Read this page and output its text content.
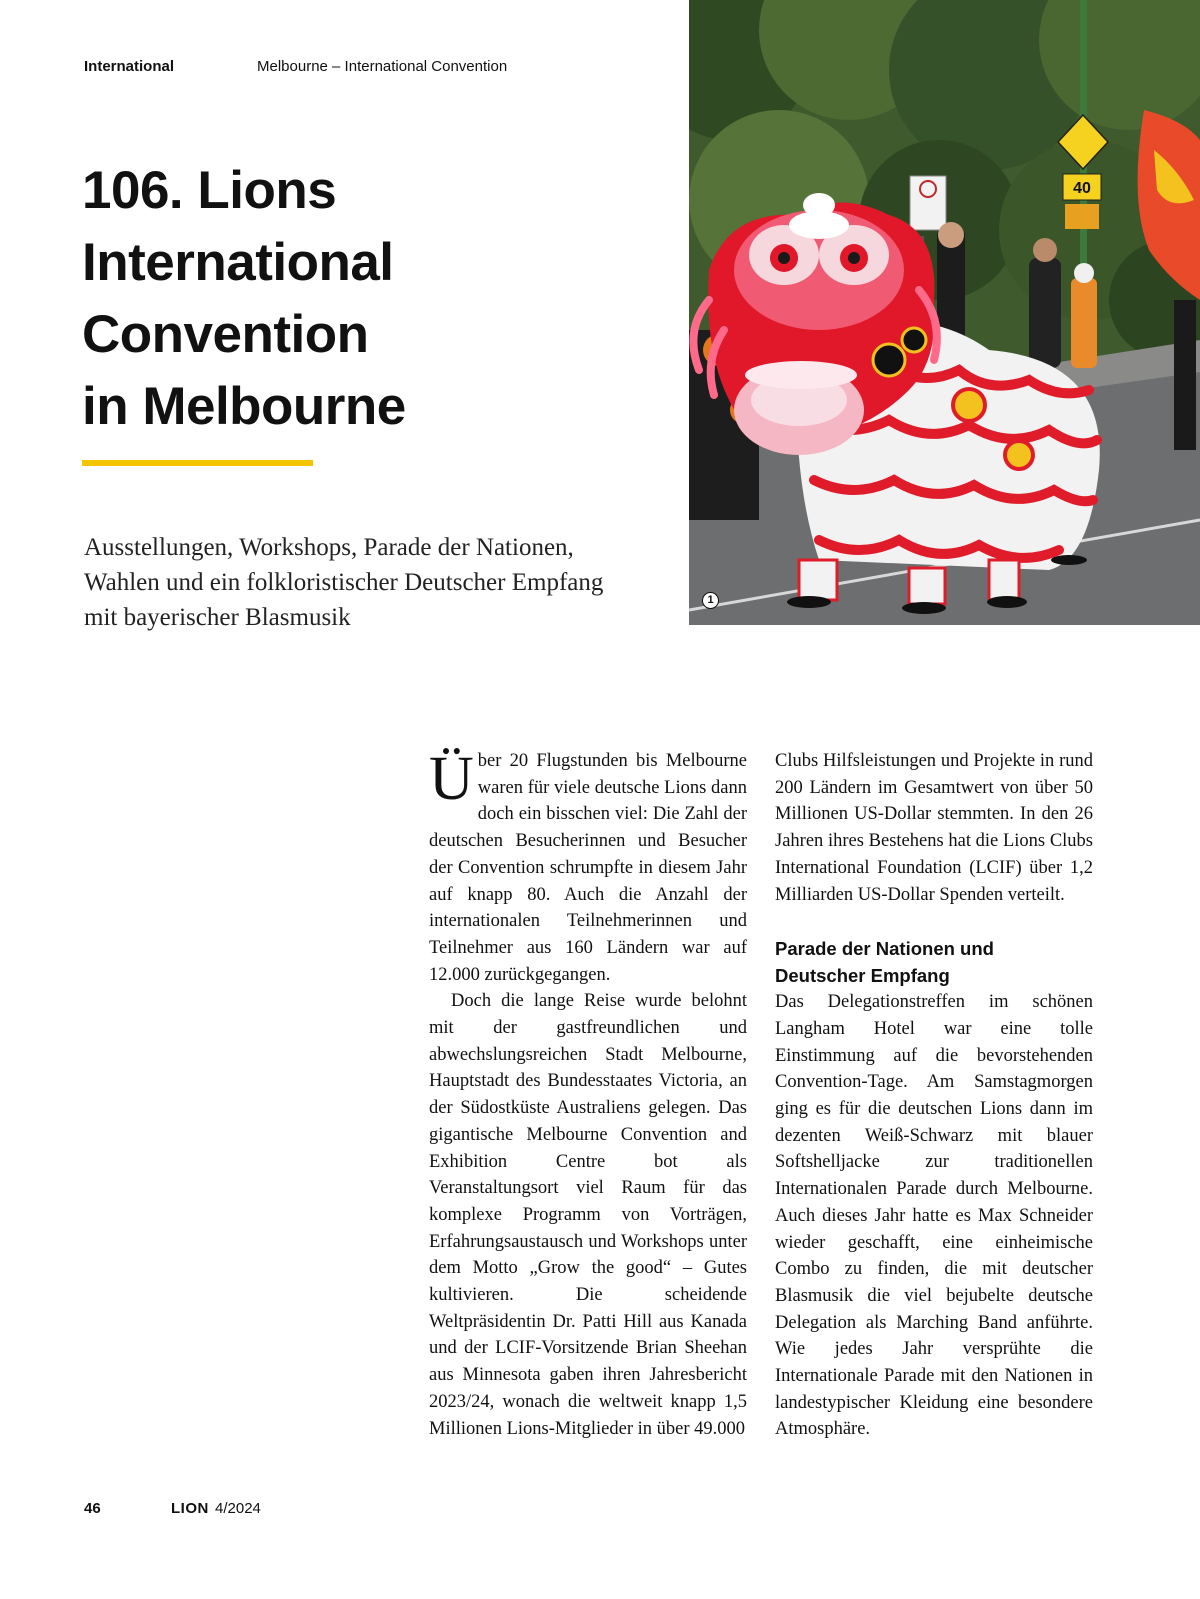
International	Melbourne – International Convention
106. Lions
International
Convention
in Melbourne

Ausstellungen, Workshops, Parade der Nationen,
Wahlen und ein folkloristischer Deutscher Empfang
mit bayerischer Blasmusik

40
1

Über 20 Flugstunden bis Melbourne waren für viele deutsche Lions dann doch ein bisschen viel: Die Zahl der deutschen Besucherinnen und Besucher der Convention schrumpfte in diesem Jahr auf knapp 80. Auch die Anzahl der internationalen Teilnehmerinnen und Teilnehmer aus 160 Ländern war auf 12.000 zurückgegangen.

Doch die lange Reise wurde belohnt mit der gastfreundlichen und abwechslungsreichen Stadt Melbourne, Hauptstadt des Bundesstaates Victoria, an der Südostküste Australiens gelegen. Das gigantische Melbourne Convention and Exhibition Centre bot als Veranstaltungsort viel Raum für das komplexe Programm von Vorträgen, Erfahrungsaustausch und Workshops unter dem Motto „Grow the good“ – Gutes kultivieren. Die scheidende Weltpräsidentin Dr. Patti Hill aus Kanada und der LCIF-Vorsitzende Brian Sheehan aus Minnesota gaben ihren Jahresbericht 2023/24, wonach die weltweit knapp 1,5 Millionen Lions-Mitglieder in über 49.000

Clubs Hilfsleistungen und Projekte in rund 200 Ländern im Gesamtwert von über 50 Millionen US-Dollar stemmten. In den 26 Jahren ihres Bestehens hat die Lions Clubs International Foundation (LCIF) über 1,2 Milliarden US-Dollar Spenden verteilt.

Parade der Nationen und
Deutscher Empfang

Das Delegationstreffen im schönen Langham Hotel war eine tolle Einstimmung auf die bevorstehenden Convention-Tage. Am Samstagmorgen ging es für die deutschen Lions dann im dezenten Weiß-Schwarz mit blauer Softshelljacke zur traditionellen Internationalen Parade durch Melbourne. Auch dieses Jahr hatte es Max Schneider wieder geschafft, eine einheimische Combo zu finden, die mit deutscher Blasmusik die viel bejubelte deutsche Delegation als Marching Band anführte. Wie jedes Jahr versprühte die Internationale Parade mit den Nationen in landestypischer Kleidung eine besondere Atmosphäre.

46	LION 4/2024
